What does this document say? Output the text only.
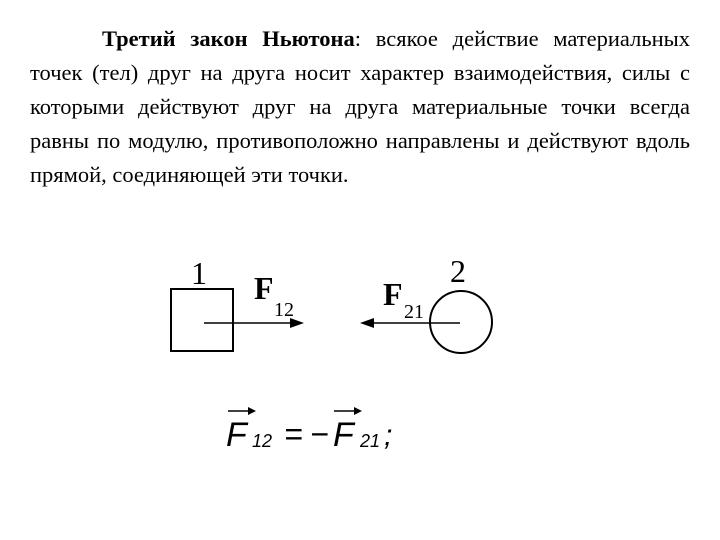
Третий закон Ньютона: всякое действие материальных точек (тел) друг на друга носит характер взаимодействия, силы с которыми действуют друг на друга материальные точки всегда равны по модулю, противоположно направлены и действуют вдоль прямой, соединяющей эти точки.
1 F
12
2
F 21
F 12 = − F 21 ;
